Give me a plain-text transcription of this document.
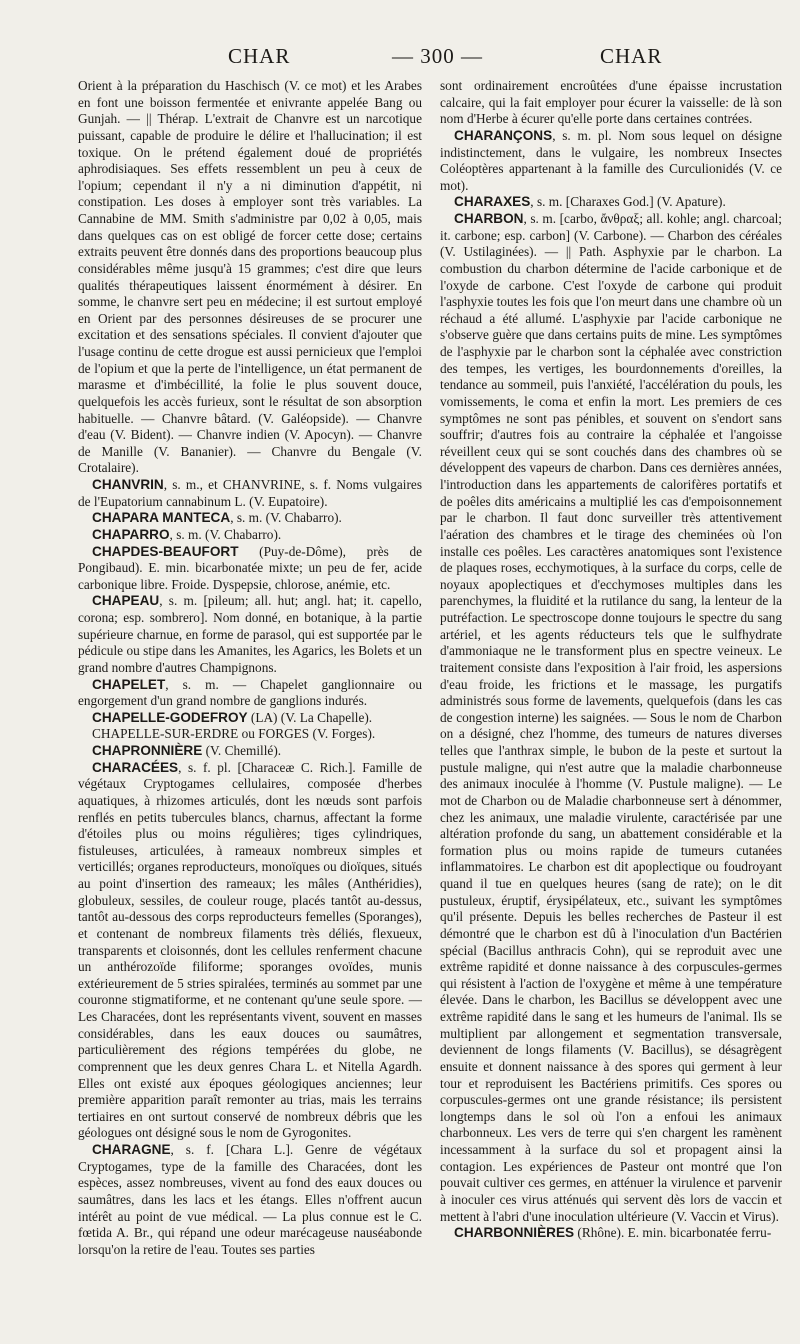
CHAR	— 300 —	CHAR

Orient à la préparation du Haschisch (V. ce mot) et les Arabes en font une boisson fermentée et enivrante appelée Bang ou Gunjah. — || Thérap. L'extrait de Chanvre est un narcotique puissant, capable de produire le délire et l'hallucination; il est toxique. On le prétend également doué de propriétés aphrodisiaques. Ses effets ressemblent un peu à ceux de l'opium; cependant il n'y a ni diminution d'appétit, ni constipation. Les doses à employer sont très variables. La Cannabine de MM. Smith s'administre par 0,02 à 0,05, mais dans quelques cas on est obligé de forcer cette dose; certains extraits peuvent être donnés dans des proportions beaucoup plus considérables même jusqu'à 15 grammes; c'est dire que leurs qualités thérapeutiques laissent énormément à désirer. En somme, le chanvre sert peu en médecine; il est surtout employé en Orient par des personnes désireuses de se procurer une excitation et des sensations spéciales. Il convient d'ajouter que l'usage continu de cette drogue est aussi pernicieux que l'emploi de l'opium et que la perte de l'intelligence, un état permanent de marasme et d'imbécillité, la folie le plus souvent douce, quelquefois les accès furieux, sont le résultat de son absorption habituelle. — Chanvre bâtard. (V. Galéopside). — Chanvre d'eau (V. Bident). — Chanvre indien (V. Apocyn). — Chanvre de Manille (V. Bananier). — Chanvre du Bengale (V. Crotalaire).

CHANVRIN, s. m., et CHANVRINE, s. f. Noms vulgaires de l'Eupatorium cannabinum L. (V. Eupatoire).

CHAPARA MANTECA, s. m. (V. Chabarro).

CHAPARRO, s. m. (V. Chabarro).

CHAPDES-BEAUFORT (Puy-de-Dôme), près de Pongibaud). E. min. bicarbonatée mixte; un peu de fer, acide carbonique libre. Froide. Dyspepsie, chlorose, anémie, etc.

CHAPEAU, s. m. [pileum; all. hut; angl. hat; it. capello, corona; esp. sombrero]. Nom donné, en botanique, à la partie supérieure charnue, en forme de parasol, qui est supportée par le pédicule ou stipe dans les Amanites, les Agarics, les Bolets et un grand nombre d'autres Champignons.

CHAPELET, s. m. — Chapelet ganglionnaire ou engorgement d'un grand nombre de ganglions indurés.

CHAPELLE-GODEFROY (LA) (V. La Chapelle).

CHAPELLE-SUR-ERDRE ou FORGES (V. Forges).

CHAPRONNIÈRE (V. Chemillé).

CHARACÉES, s. f. pl. [Characeæ C. Rich.]. Famille de végétaux Cryptogames cellulaires, composée d'herbes aquatiques, à rhizomes articulés, dont les nœuds sont parfois renflés en petits tubercules blancs, charnus, affectant la forme d'étoiles plus ou moins régulières; tiges cylindriques, fistuleuses, articulées, à rameaux nombreux simples et verticillés; organes reproducteurs, monoïques ou dioïques, situés au point d'insertion des rameaux; les mâles (Anthéridies), globuleux, sessiles, de couleur rouge, placés tantôt au-dessus, tantôt au-dessous des corps reproducteurs femelles (Sporanges), et contenant de nombreux filaments très déliés, flexueux, transparents et cloisonnés, dont les cellules renferment chacune un anthérozoïde filiforme; sporanges ovoïdes, munis extérieurement de 5 stries spiralées, terminés au sommet par une couronne stigmatiforme, et ne contenant qu'une seule spore. — Les Characées, dont les représentants vivent, souvent en masses considérables, dans les eaux douces ou saumâtres, particulièrement des régions tempérées du globe, ne comprennent que les deux genres Chara L. et Nitella Agardh. Elles ont existé aux époques géologiques anciennes; leur première apparition paraît remonter au trias, mais les terrains tertiaires en ont surtout conservé de nombreux débris que les géologues ont désigné sous le nom de Gyrogonites.

CHARAGNE, s. f. [Chara L.]. Genre de végétaux Cryptogames, type de la famille des Characées, dont les espèces, assez nombreuses, vivent au fond des eaux douces ou saumâtres, dans les lacs et les étangs. Elles n'offrent aucun intérêt au point de vue médical. — La plus connue est le C. fœtida A. Br., qui répand une odeur marécageuse nauséabonde lorsqu'on la retire de l'eau. Toutes ses parties

sont ordinairement encroûtées d'une épaisse incrustation calcaire, qui la fait employer pour écurer la vaisselle: de là son nom d'Herbe à écurer qu'elle porte dans certaines contrées.

CHARANÇONS, s. m. pl. Nom sous lequel on désigne indistinctement, dans le vulgaire, les nombreux Insectes Coléoptères appartenant à la famille des Curculionidés (V. ce mot).

CHARAXES, s. m. [Charaxes God.] (V. Apature).

CHARBON, s. m. [carbo, ἄνθραξ; all. kohle; angl. charcoal; it. carbone; esp. carbon] (V. Carbone). — Charbon des céréales (V. Ustilaginées). — || Path. Asphyxie par le charbon. La combustion du charbon détermine de l'acide carbonique et de l'oxyde de carbone. C'est l'oxyde de carbone qui produit l'asphyxie toutes les fois que l'on meurt dans une chambre où un réchaud a été allumé. L'asphyxie par l'acide carbonique ne s'observe guère que dans certains puits de mine. Les symptômes de l'asphyxie par le charbon sont la céphalée avec constriction des tempes, les vertiges, les bourdonnements d'oreilles, la tendance au sommeil, puis l'anxiété, l'accélération du pouls, les vomissements, le coma et enfin la mort. Les premiers de ces symptômes ne sont pas pénibles, et souvent on s'endort sans souffrir; d'autres fois au contraire la céphalée et l'angoisse réveillent ceux qui se sont couchés dans des chambres où se développent des vapeurs de charbon. Dans ces dernières années, l'introduction dans les appartements de calorifères portatifs et de poêles dits américains a multiplié les cas d'empoisonnement par le charbon. Il faut donc surveiller très attentivement l'aération des chambres et le tirage des cheminées où l'on installe ces poêles. Les caractères anatomiques sont l'existence de plaques roses, ecchymotiques, à la surface du corps, celle de noyaux apoplectiques et d'ecchymoses multiples dans les parenchymes, la fluidité et la rutilance du sang, la lenteur de la putréfaction. Le spectroscope donne toujours le spectre du sang artériel, et les agents réducteurs tels que le sulfhydrate d'ammoniaque ne le transforment plus en spectre veineux. Le traitement consiste dans l'exposition à l'air froid, les aspersions d'eau froide, les frictions et le massage, les purgatifs administrés sous forme de lavements, quelquefois (dans les cas de congestion interne) les saignées. — Sous le nom de Charbon on a désigné, chez l'homme, des tumeurs de natures diverses telles que l'anthrax simple, le bubon de la peste et surtout la pustule maligne, qui n'est autre que la maladie charbonneuse des animaux inoculée à l'homme (V. Pustule maligne). — Le mot de Charbon ou de Maladie charbonneuse sert à dénommer, chez les animaux, une maladie virulente, caractérisée par une altération profonde du sang, un abattement considérable et la formation plus ou moins rapide de tumeurs cutanées inflammatoires. Le charbon est dit apoplectique ou foudroyant quand il tue en quelques heures (sang de rate); on le dit pustuleux, éruptif, érysipélateux, etc., suivant les symptômes qu'il présente. Depuis les belles recherches de Pasteur il est démontré que le charbon est dû à l'inoculation d'un Bactérien spécial (Bacillus anthracis Cohn), qui se reproduit avec une extrême rapidité et donne naissance à des corpuscules-germes qui résistent à l'action de l'oxygène et même à une température élevée. Dans le charbon, les Bacillus se développent avec une extrême rapidité dans le sang et les humeurs de l'animal. Ils se multiplient par allongement et segmentation transversale, deviennent de longs filaments (V. Bacillus), se désagrègent ensuite et donnent naissance à des spores qui germent à leur tour et reproduisent les Bactériens primitifs. Ces spores ou corpuscules-germes ont une grande résistance; ils persistent longtemps dans le sol où l'on a enfoui les animaux charbonneux. Les vers de terre qui s'en chargent les ramènent incessamment à la surface du sol et propagent ainsi la contagion. Les expériences de Pasteur ont montré que l'on pouvait cultiver ces germes, en atténuer la virulence et parvenir à inoculer ces virus atténués qui servent dès lors de vaccin et mettent à l'abri d'une inoculation ultérieure (V. Vaccin et Virus).

CHARBONNIÈRES (Rhône). E. min. bicarbonatée ferru-
